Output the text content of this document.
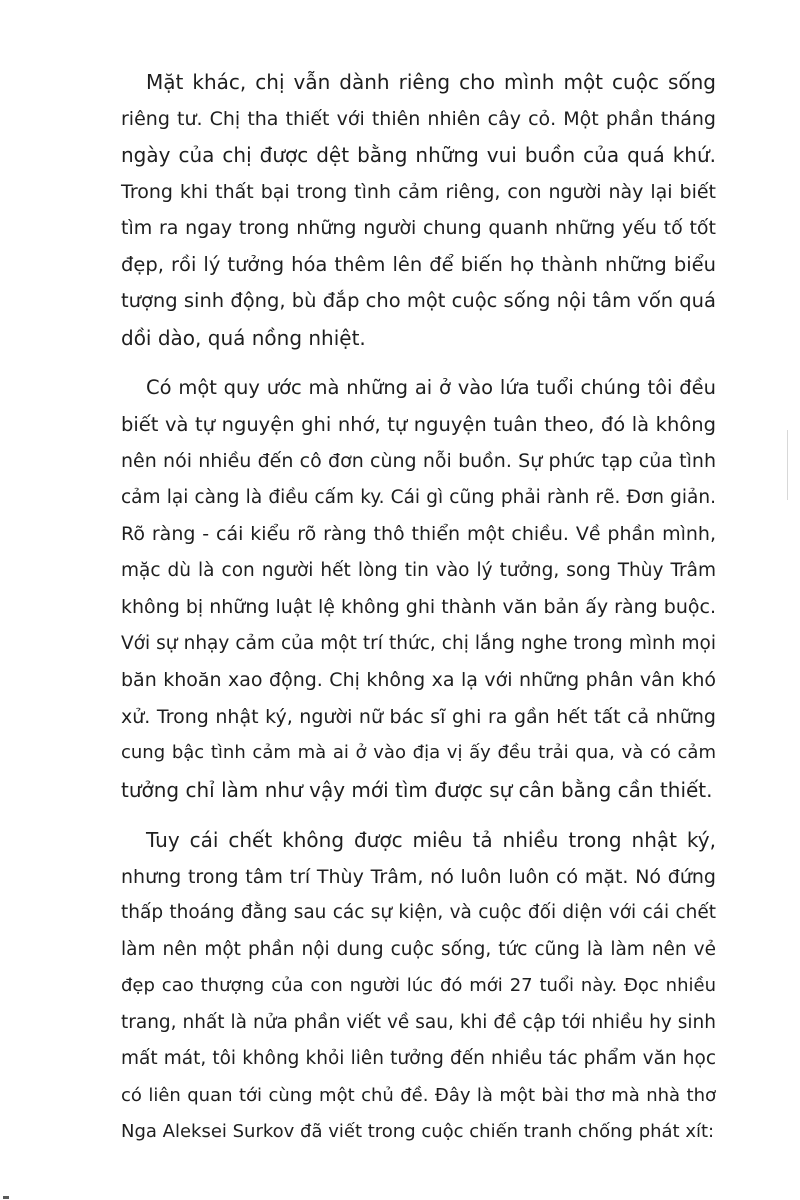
Mặt khác, chị vẫn dành riêng cho mình một cuộc sống
riêng tư. Chị tha thiết với thiên nhiên cây cỏ. Một phần tháng
ngày của chị được dệt bằng những vui buồn của quá khứ.
Trong khi thất bại trong tình cảm riêng, con người này lại biết
tìm ra ngay trong những người chung quanh những yếu tố tốt
đẹp, rồi lý tưởng hóa thêm lên để biến họ thành những biểu
tượng sinh động, bù đắp cho một cuộc sống nội tâm vốn quá
dồi dào, quá nồng nhiệt.

Có một quy ước mà những ai ở vào lứa tuổi chúng tôi đều
biết và tự nguyện ghi nhớ, tự nguyện tuân theo, đó là không
nên nói nhiều đến cô đơn cùng nỗi buồn. Sự phức tạp của tình
cảm lại càng là điều cấm ky. Cái gì cũng phải rành rẽ. Đơn giản.
Rõ ràng - cái kiểu rõ ràng thô thiển một chiều. Về phần mình,
mặc dù là con người hết lòng tin vào lý tưởng, song Thùy Trâm
không bị những luật lệ không ghi thành văn bản ấy ràng buộc.
Với sự nhạy cảm của một trí thức, chị lắng nghe trong mình mọi
băn khoăn xao động. Chị không xa lạ với những phân vân khó
xử. Trong nhật ký, người nữ bác sĩ ghi ra gần hết tất cả những
cung bậc tình cảm mà ai ở vào địa vị ấy đều trải qua, và có cảm
tưởng chỉ làm như vậy mới tìm được sự cân bằng cần thiết.

Tuy cái chết không được miêu tả nhiều trong nhật ký,
nhưng trong tâm trí Thùy Trâm, nó luôn luôn có mặt. Nó đứng
thấp thoáng đằng sau các sự kiện, và cuộc đối diện với cái chết
làm nên một phần nội dung cuộc sống, tức cũng là làm nên vẻ
đẹp cao thượng của con người lúc đó mới 27 tuổi này. Đọc nhiều
trang, nhất là nửa phần viết về sau, khi đề cập tới nhiều hy sinh
mất mát, tôi không khỏi liên tưởng đến nhiều tác phẩm văn học
có liên quan tới cùng một chủ đề. Đây là một bài thơ mà nhà thơ
Nga Aleksei Surkov đã viết trong cuộc chiến tranh chống phát xít:
